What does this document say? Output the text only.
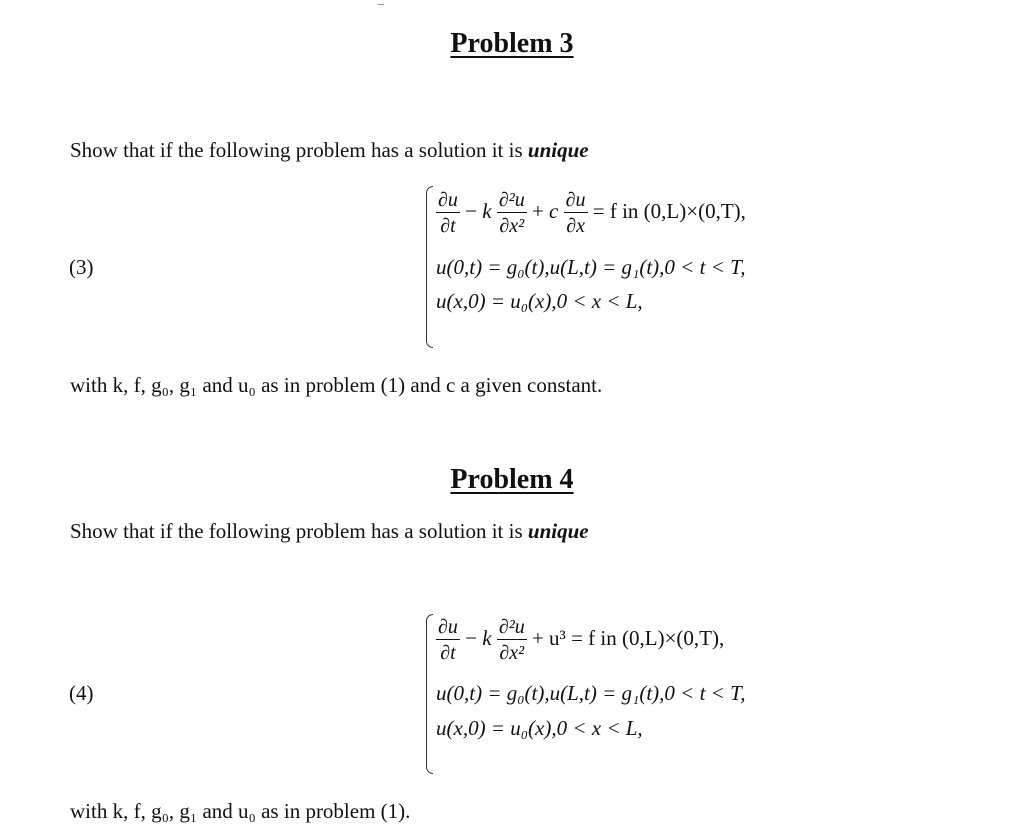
Problem 3
Show that if the following problem has a solution it is unique
(3)
$\frac{\partial u}{\partial t} - k \frac{\text{∂²u}}{\text{∂x²}} + c \frac{\partial u}{\partial x} = f$ in (0,L)×(0,T),
u(0,t) = g₀(t),u(L,t) = g₁(t),0 < t < T,
u(x,0) = u₀(x),0 < x < L,
with k, f, g₀, g₁ and u₀ as in problem (1) and c a given constant.
Problem 4
Show that if the following problem has a solution it is unique
(4)
$\frac{\partial u}{\partial t} - k \frac{\text{∂²u}}{\text{∂x²}} + u^3 = f$ in (0,L)×(0,T),
u(0,t) = g₀(t),u(L,t) = g₁(t),0 < t < T,
u(x,0) = u₀(x),0 < x < L,
with k, f, g₀, g₁ and u₀ as in problem (1).
